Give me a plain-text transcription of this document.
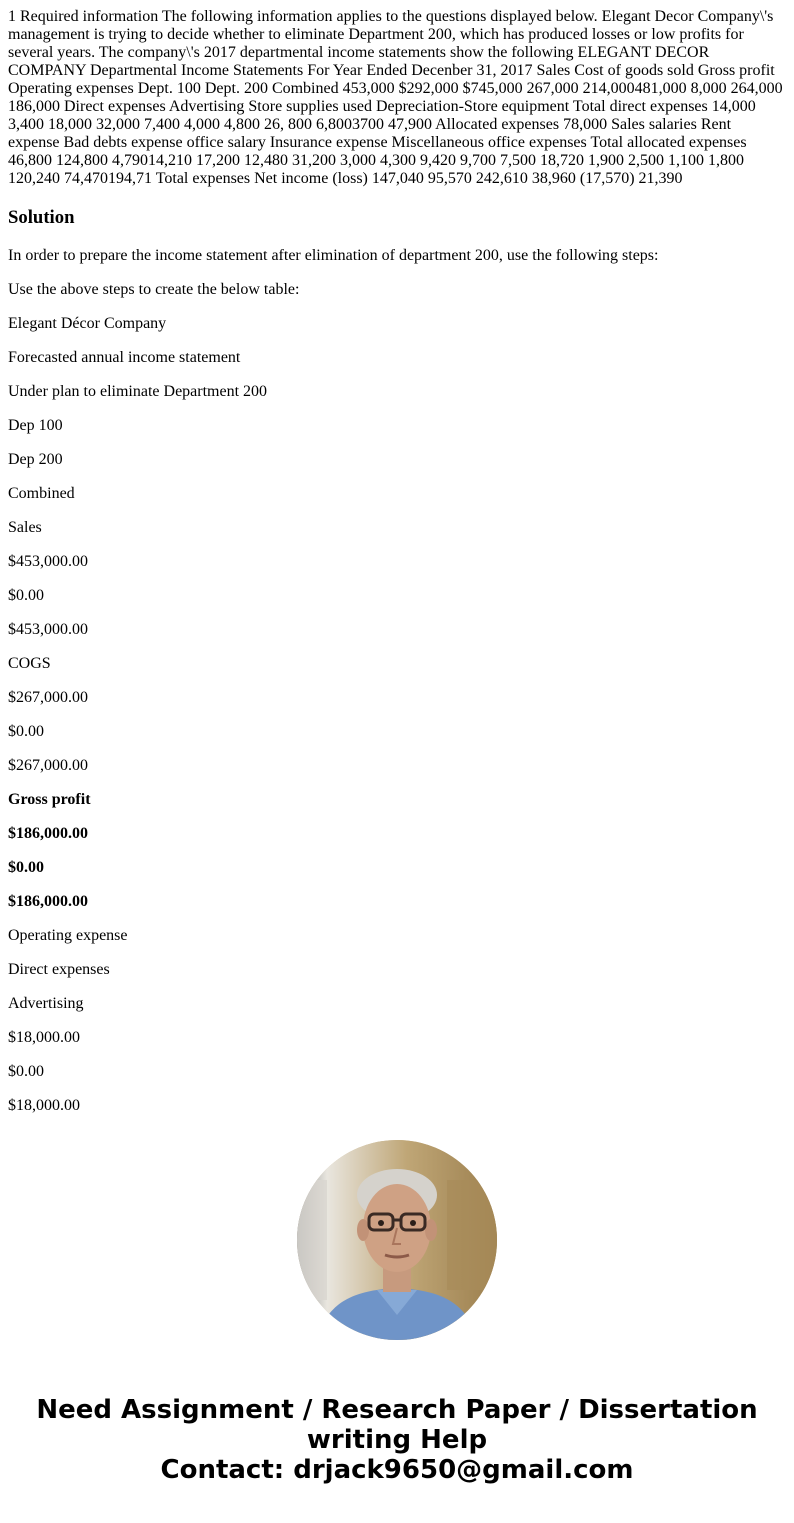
1 Required information The following information applies to the questions displayed below. Elegant Decor Company\'s management is trying to decide whether to eliminate Department 200, which has produced losses or low profits for several years. The company\'s 2017 departmental income statements show the following ELEGANT DECOR COMPANY Departmental Income Statements For Year Ended Decenber 31, 2017 Sales Cost of goods sold Gross profit Operating expenses Dept. 100 Dept. 200 Combined 453,000 $292,000 $745,000 267,000 214,000481,000 8,000 264,000 186,000 Direct expenses Advertising Store supplies used Depreciation-Store equipment Total direct expenses 14,000 3,400 18,000 32,000 7,400 4,000 4,800 26, 800 6,8003700 47,900 Allocated expenses 78,000 Sales salaries Rent expense Bad debts expense office salary Insurance expense Miscellaneous office expenses Total allocated expenses 46,800 124,800 4,79014,210 17,200 12,480 31,200 3,000 4,300 9,420 9,700 7,500 18,720 1,900 2,500 1,100 1,800 120,240 74,470194,71 Total expenses Net income (loss) 147,040 95,570 242,610 38,960 (17,570) 21,390

Solution

In order to prepare the income statement after elimination of department 200, use the following steps:

Use the above steps to create the below table:

Elegant Décor Company

Forecasted annual income statement

Under plan to eliminate Department 200

Dep 100

Dep 200

Combined

Sales

$453,000.00

$0.00

$453,000.00

COGS

$267,000.00

$0.00

$267,000.00

Gross profit

$186,000.00

$0.00

$186,000.00

Operating expense

Direct expenses

Advertising

$18,000.00

$0.00

$18,000.00

Need Assignment / Research Paper / Dissertation writing Help
Contact: drjack9650@gmail.com
